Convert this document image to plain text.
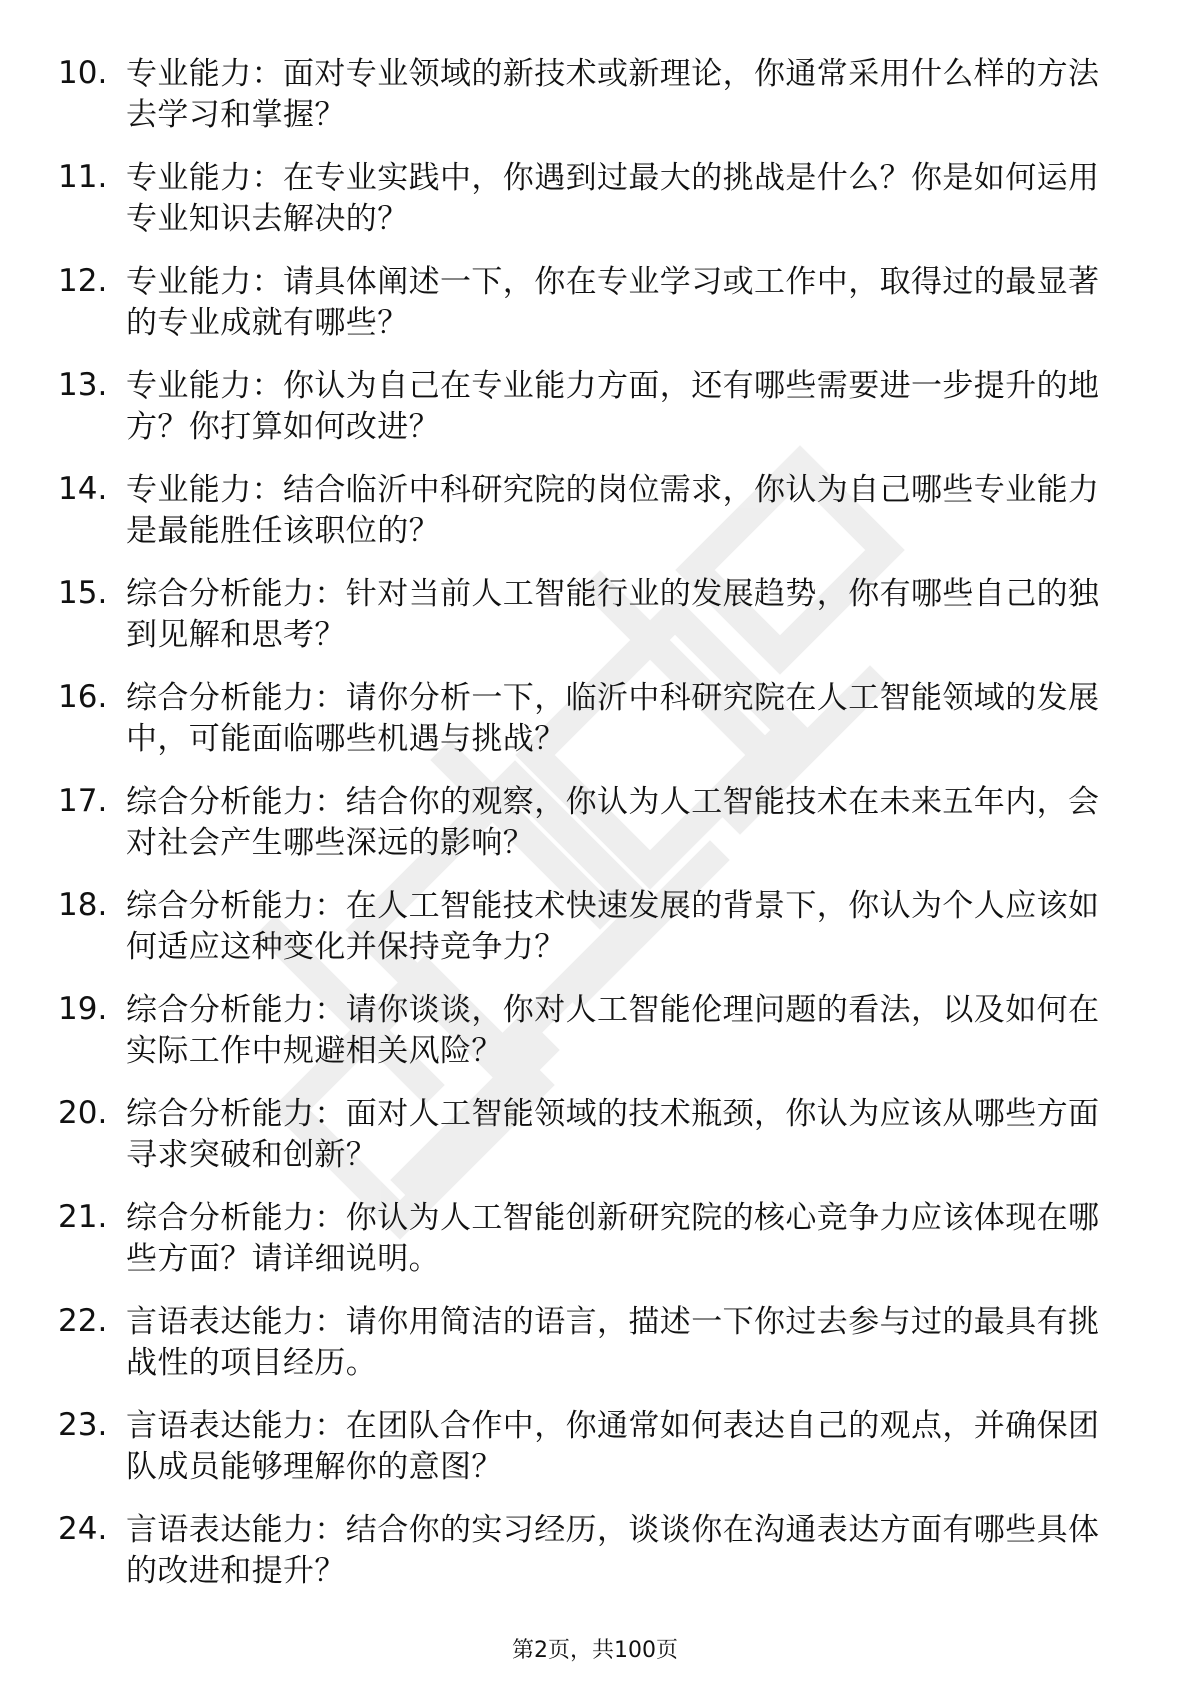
10. 专业能力：面对专业领域的新技术或新理论，你通常采用什么样的方法去学习和掌握？
11. 专业能力：在专业实践中，你遇到过最大的挑战是什么？你是如何运用专业知识去解决的？
12. 专业能力：请具体阐述一下，你在专业学习或工作中，取得过的最显著的专业成就有哪些？
13. 专业能力：你认为自己在专业能力方面，还有哪些需要进一步提升的地方？你打算如何改进？
14. 专业能力：结合临沂中科研究院的岗位需求，你认为自己哪些专业能力是最能胜任该职位的？
15. 综合分析能力：针对当前人工智能行业的发展趋势，你有哪些自己的独到见解和思考？
16. 综合分析能力：请你分析一下，临沂中科研究院在人工智能领域的发展中，可能面临哪些机遇与挑战？
17. 综合分析能力：结合你的观察，你认为人工智能技术在未来五年内，会对社会产生哪些深远的影响？
18. 综合分析能力：在人工智能技术快速发展的背景下，你认为个人应该如何适应这种变化并保持竞争力？
19. 综合分析能力：请你谈谈，你对人工智能伦理问题的看法，以及如何在实际工作中规避相关风险？
20. 综合分析能力：面对人工智能领域的技术瓶颈，你认为应该从哪些方面寻求突破和创新？
21. 综合分析能力：你认为人工智能创新研究院的核心竞争力应该体现在哪些方面？请详细说明。
22. 言语表达能力：请你用简洁的语言，描述一下你过去参与过的最具有挑战性的项目经历。
23. 言语表达能力：在团队合作中，你通常如何表达自己的观点，并确保团队成员能够理解你的意图？
24. 言语表达能力：结合你的实习经历，谈谈你在沟通表达方面有哪些具体的改进和提升？
第2页，共100页
